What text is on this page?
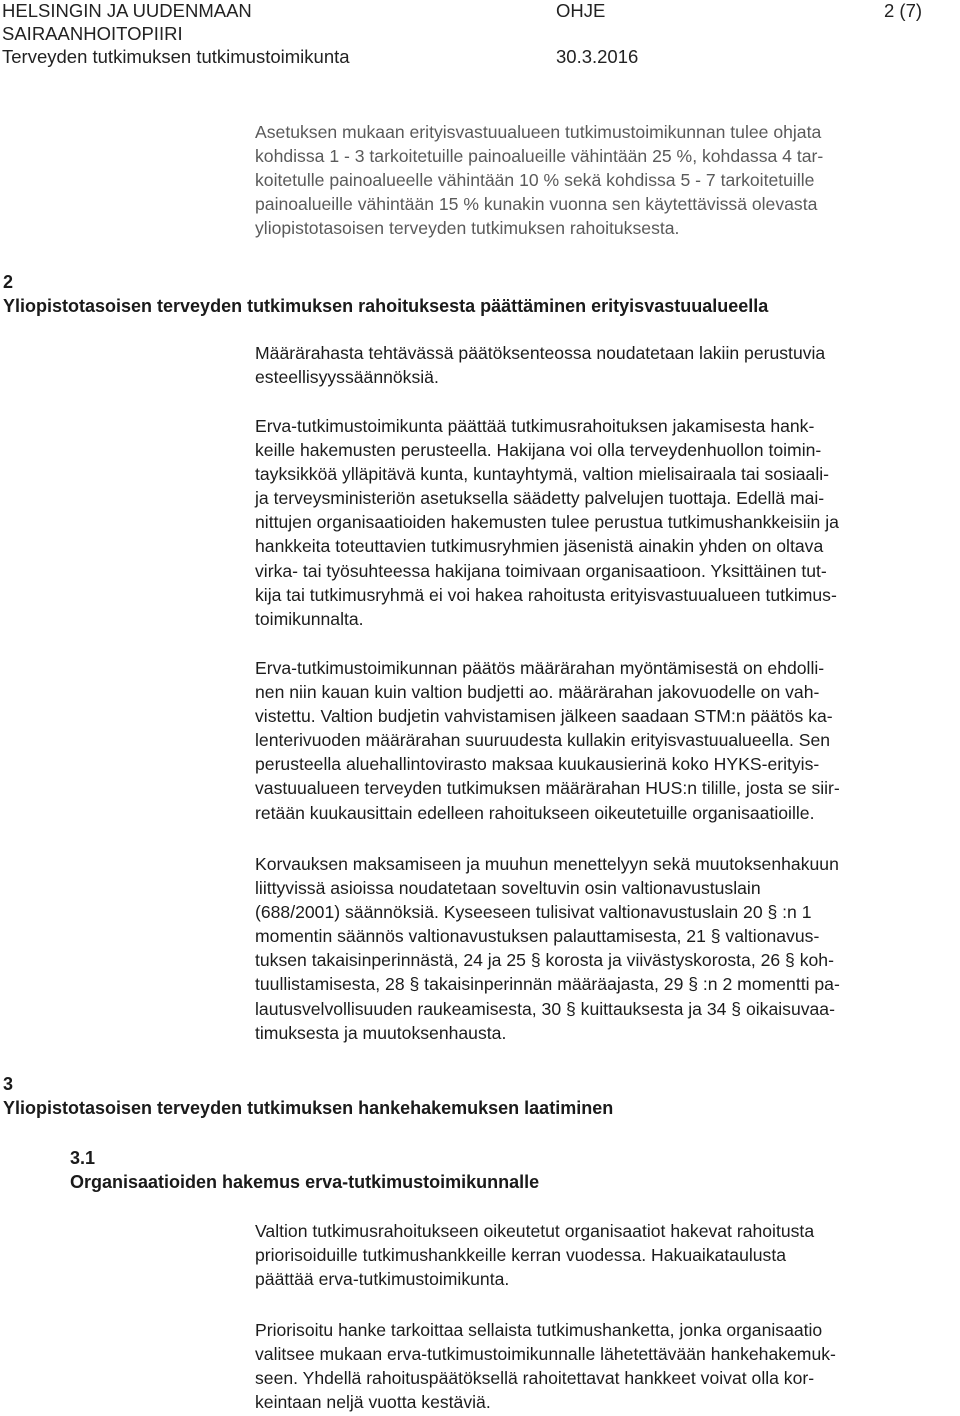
HELSINGIN JA UUDENMAAN
SAIRAANHOITOPIIRI
Terveyden tutkimuksen tutkimustoimikunta
OHJE	2 (7)
30.3.2016
Asetuksen mukaan erityisvastuualueen tutkimustoimikunnan tulee ohjata
kohdissa 1 - 3 tarkoitetuille painoalueille vähintään 25 %, kohdassa 4 tar-
koitetulle painoalueelle vähintään 10 % sekä kohdissa 5 - 7 tarkoitetuille
painoalueille vähintään 15 % kunakin vuonna sen käytettävissä olevasta
yliopistotasoisen terveyden tutkimuksen rahoituksesta.
2
Yliopistotasoisen terveyden tutkimuksen rahoituksesta päättäminen erityisvastuualueella
Määrärahasta tehtävässä päätöksenteossa noudatetaan lakiin perustuvia
esteellisyyssäännöksiä.
Erva-tutkimustoimikunta päättää tutkimusrahoituksen jakamisesta hank-
keille hakemusten perusteella. Hakijana voi olla terveydenhuollon toimin-
tayksikköä ylläpitävä kunta, kuntayhtymä, valtion mielisairaala tai sosiaali-
ja terveysministeriön asetuksella säädetty palvelujen tuottaja. Edellä mai-
nittujen organisaatioiden hakemusten tulee perustua tutkimushankkeisiin ja
hankkeita toteuttavien tutkimusryhmien jäsenistä ainakin yhden on oltava
virka- tai työsuhteessa hakijana toimivaan organisaatioon. Yksittäinen tut-
kija tai tutkimusryhmä ei voi hakea rahoitusta erityisvastuualueen tutkimus-
toimikunnalta.
Erva-tutkimustoimikunnan päätös määrärahan myöntämisestä on ehdolli-
nen niin kauan kuin valtion budjetti ao. määrärahan jakovuodelle on vah-
vistettu. Valtion budjetin vahvistamisen jälkeen saadaan STM:n päätös ka-
lenterivuoden määrärahan suuruudesta kullakin erityisvastuualueella. Sen
perusteella aluehallintovirasto maksaa kuukausierinä koko HYKS-erityis-
vastuualueen terveyden tutkimuksen määrärahan HUS:n tilille, josta se siir-
retään kuukausittain edelleen rahoitukseen oikeutetuille organisaatioille.
Korvauksen maksamiseen ja muuhun menettelyyn sekä muutoksenhakuun
liittyvissä asioissa noudatetaan soveltuvin osin valtionavustuslain
(688/2001) säännöksiä. Kyseeseen tulisivat valtionavustuslain 20 § :n 1
momentin säännös valtionavustuksen palauttamisesta, 21 § valtionavus-
tuksen takaisinperinnästä, 24 ja 25 § korosta ja viivästyskorosta, 26 § koh-
tuullistamisesta, 28 § takaisinperinnän määräajasta, 29 § :n 2 momentti pa-
lautusvelvollisuuden raukeamisesta, 30 § kuittauksesta ja 34 § oikaisuvaa-
timuksesta ja muutoksenhausta.
3
Yliopistotasoisen terveyden tutkimuksen hankehakemuksen laatiminen
3.1
Organisaatioiden hakemus erva-tutkimustoimikunnalle
Valtion tutkimusrahoitukseen oikeutetut organisaatiot hakevat rahoitusta
priorisoiduille tutkimushankkeille kerran vuodessa. Hakuaikataulusta
päättää erva-tutkimustoimikunta.
Priorisoitu hanke tarkoittaa sellaista tutkimushanketta, jonka organisaatio
valitsee mukaan erva-tutkimustoimikunnalle lähetettävään hankehakemuk-
seen. Yhdellä rahoituspäätöksellä rahoitettavat hankkeet voivat olla kor-
keintaan neljä vuotta kestäviä.
